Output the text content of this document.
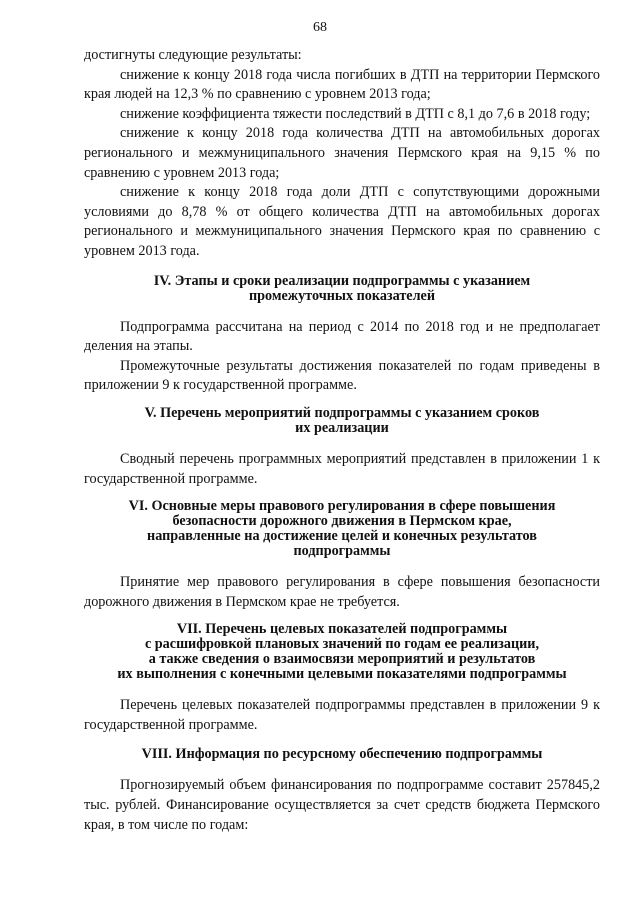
68

достигнуты следующие результаты:

снижение к концу 2018 года числа погибших в ДТП на территории Пермского края людей на 12,3 % по сравнению с уровнем 2013 года;

снижение коэффициента тяжести последствий в ДТП с 8,1 до 7,6 в 2018 году;

снижение к концу 2018 года количества ДТП на автомобильных дорогах регионального и межмуниципального значения Пермского края на 9,15 % по сравнению с уровнем 2013 года;

снижение к концу 2018 года доли ДТП с сопутствующими дорожными условиями до 8,78 % от общего количества ДТП на автомобильных дорогах регионального и межмуниципального значения Пермского края по сравнению с уровнем 2013 года.

IV. Этапы и сроки реализации подпрограммы с указанием
промежуточных показателей

Подпрограмма рассчитана на период с 2014 по 2018 год и не предполагает деления на этапы.

Промежуточные результаты достижения показателей по годам приведены в приложении 9 к государственной программе.

V. Перечень мероприятий подпрограммы с указанием сроков
их реализации

Сводный перечень программных мероприятий представлен в приложении 1 к государственной программе.

VI. Основные меры правового регулирования в сфере повышения
безопасности дорожного движения в Пермском крае,
направленные на достижение целей и конечных результатов
подпрограммы

Принятие мер правового регулирования в сфере повышения безопасности дорожного движения в Пермском крае не требуется.

VII. Перечень целевых показателей подпрограммы
с расшифровкой плановых значений по годам ее реализации,
а также сведения о взаимосвязи мероприятий и результатов
их выполнения с конечными целевыми показателями подпрограммы

Перечень целевых показателей подпрограммы представлен в приложении 9 к государственной программе.

VIII. Информация по ресурсному обеспечению подпрограммы

Прогнозируемый объем финансирования по подпрограмме составит 257845,2 тыс. рублей. Финансирование осуществляется за счет средств бюджета Пермского края, в том числе по годам:
